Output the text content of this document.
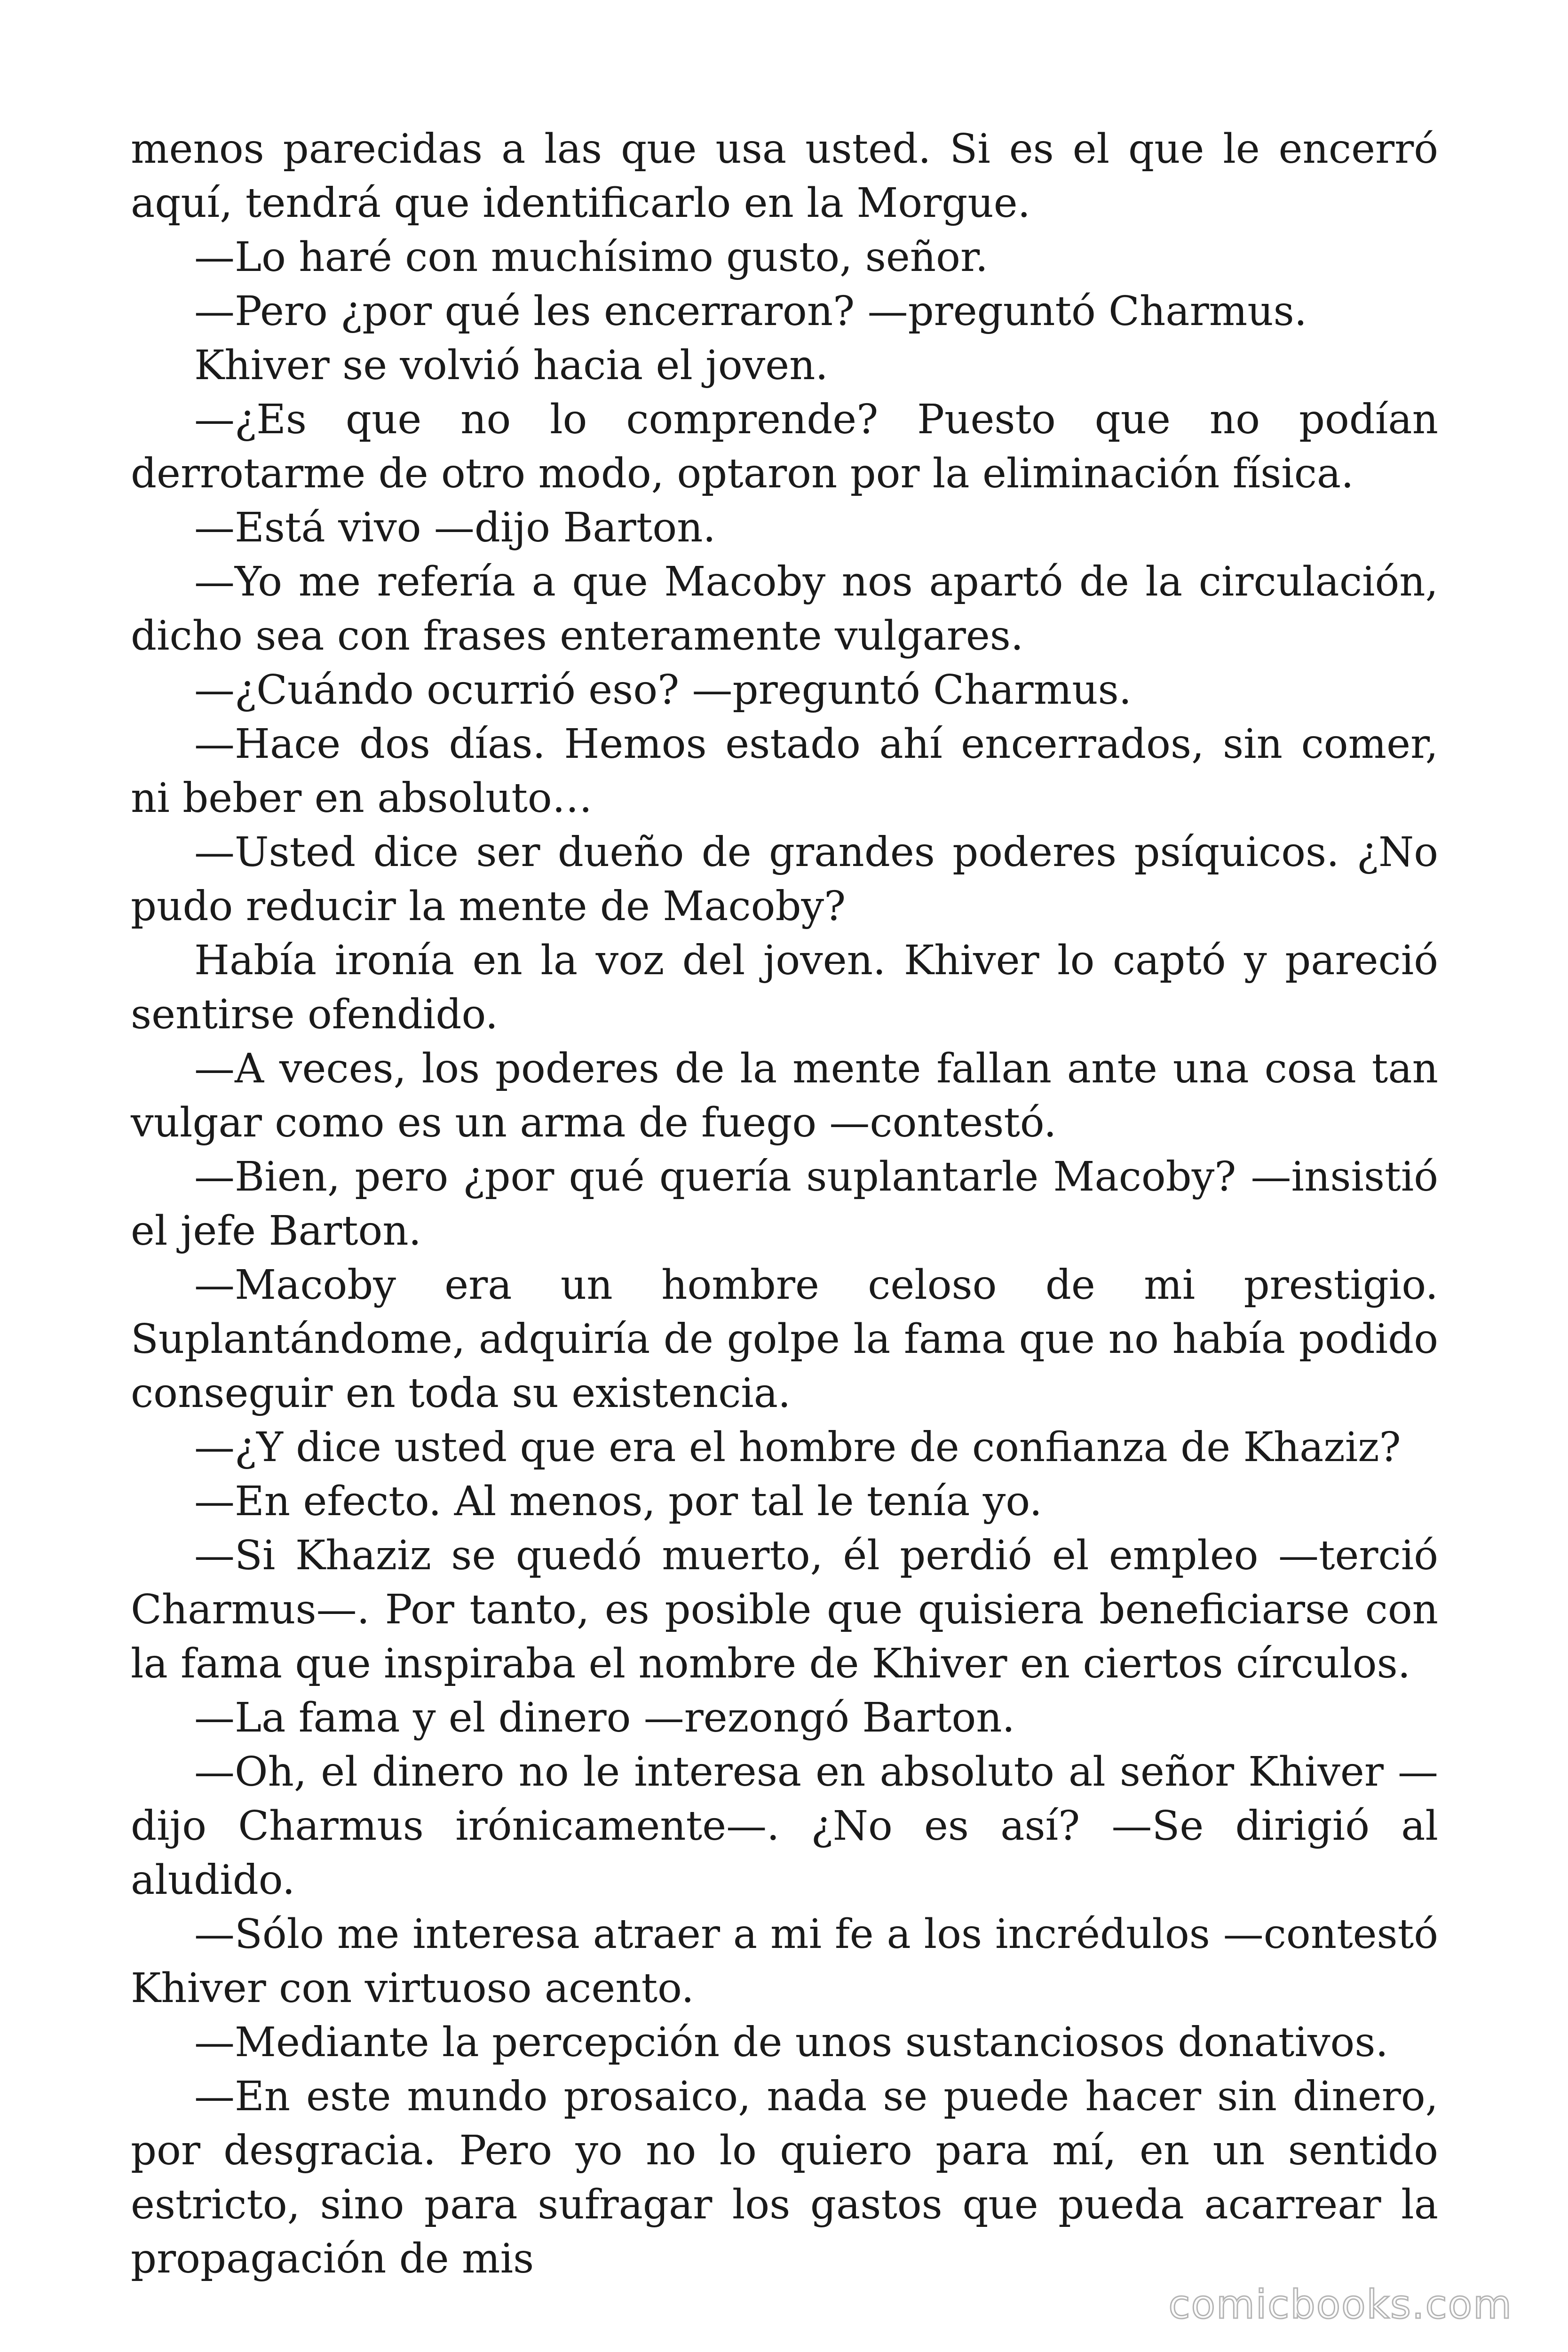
menos parecidas a las que usa usted. Si es el que le encerró aquí, tendrá que identificarlo en la Morgue.

—Lo haré con muchísimo gusto, señor.

—Pero ¿por qué les encerraron? —preguntó Charmus.

Khiver se volvió hacia el joven.

—¿Es que no lo comprende? Puesto que no podían derrotarme de otro modo, optaron por la eliminación física.

—Está vivo —dijo Barton.

—Yo me refería a que Macoby nos apartó de la circulación, dicho sea con frases enteramente vulgares.

—¿Cuándo ocurrió eso? —preguntó Charmus.

—Hace dos días. Hemos estado ahí encerrados, sin comer, ni beber en absoluto…

—Usted dice ser dueño de grandes poderes psíquicos. ¿No pudo reducir la mente de Macoby?

Había ironía en la voz del joven. Khiver lo captó y pareció sentirse ofendido.

—A veces, los poderes de la mente fallan ante una cosa tan vulgar como es un arma de fuego —contestó.

—Bien, pero ¿por qué quería suplantarle Macoby? —insistió el jefe Barton.

—Macoby era un hombre celoso de mi prestigio. Suplantándome, adquiría de golpe la fama que no había podido conseguir en toda su existencia.

—¿Y dice usted que era el hombre de confianza de Khaziz?

—En efecto. Al menos, por tal le tenía yo.

—Si Khaziz se quedó muerto, él perdió el empleo —terció Charmus—. Por tanto, es posible que quisiera beneficiarse con la fama que inspiraba el nombre de Khiver en ciertos círculos.

—La fama y el dinero —rezongó Barton.

—Oh, el dinero no le interesa en absoluto al señor Khiver —dijo Charmus irónicamente—. ¿No es así? —Se dirigió al aludido.

—Sólo me interesa atraer a mi fe a los incrédulos —contestó Khiver con virtuoso acento.

—Mediante la percepción de unos sustanciosos donativos.

—En este mundo prosaico, nada se puede hacer sin dinero, por desgracia. Pero yo no lo quiero para mí, en un sentido estricto, sino para sufragar los gastos que pueda acarrear la propagación de mis

comicbooks.com
